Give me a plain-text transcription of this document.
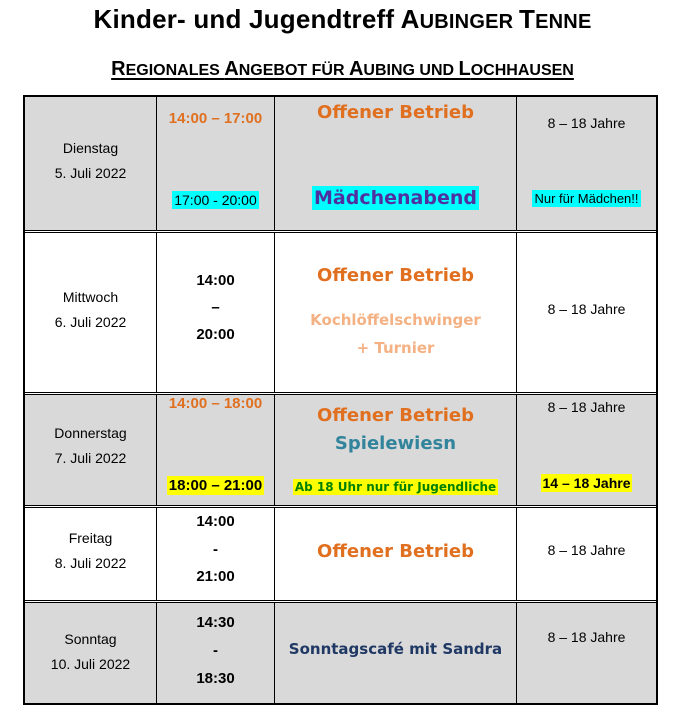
Kinder- und Jugendtreff AUBINGER TENNE
REGIONALES ANGEBOT FÜR AUBING UND LOCHHAUSEN
Dienstag
5. Juli 2022
14:00 – 17:00
17:00 - 20:00
Offener Betrieb
Mädchenabend
8 – 18 Jahre
Nur für Mädchen!!
Mittwoch
6. Juli 2022
14:00
–
20:00
Offener Betrieb
Kochlöffelschwinger
+ Turnier
8 – 18 Jahre
Donnerstag
7. Juli 2022
14:00 – 18:00
18:00 – 21:00
Offener Betrieb
Spielewiesn
Ab 18 Uhr nur für Jugendliche
8 – 18 Jahre
14 – 18 Jahre
Freitag
8. Juli 2022
14:00
-
21:00
Offener Betrieb	8 – 18 Jahre
Sonntag
10. Juli 2022
14:30
-
18:30
Sonntagscafé mit Sandra
8 – 18 Jahre
